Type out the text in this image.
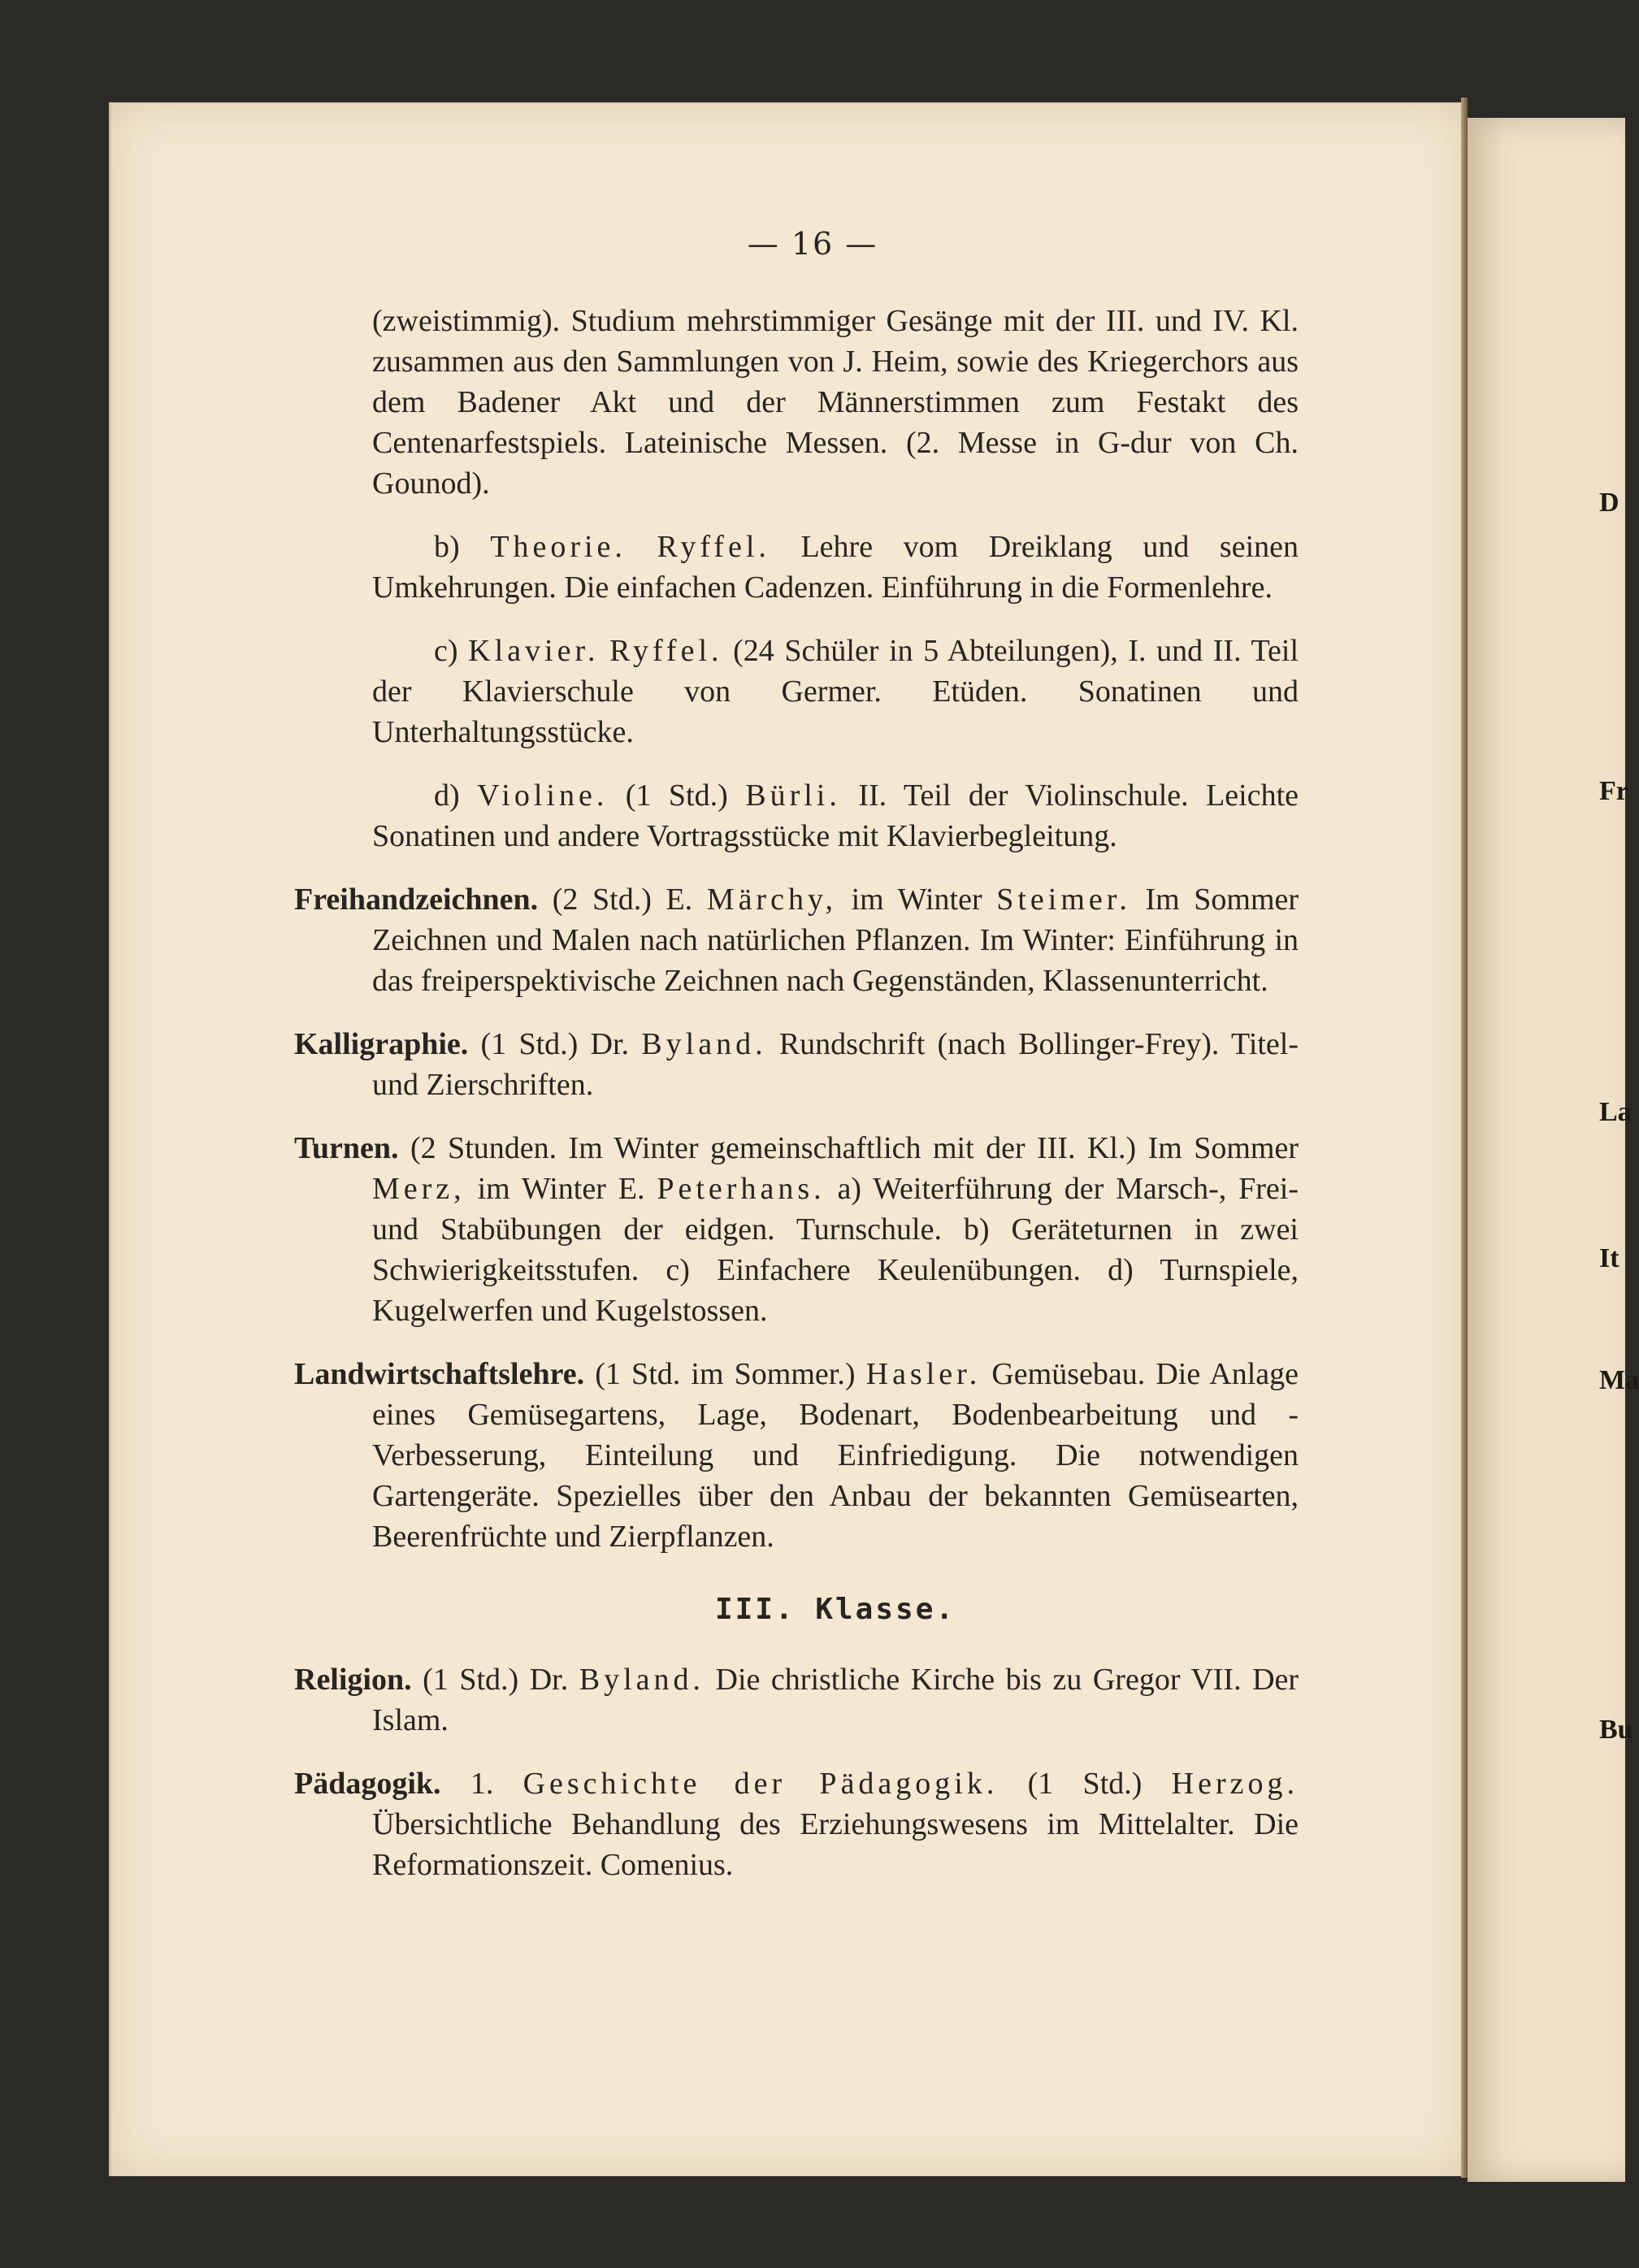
D
Fr
La
It
Ma
Bu
— 16 —

(zweistimmig). Studium mehrstimmiger Gesänge mit der III. und IV. Kl. zusammen aus den Sammlungen von J. Heim, sowie des Kriegerchors aus dem Badener Akt und der Männerstimmen zum Festakt des Centenarfestspiels. Lateinische Messen. (2. Messe in G-dur von Ch. Gounod).

b) Theorie. Ryffel. Lehre vom Dreiklang und seinen Umkehrungen. Die einfachen Cadenzen. Einführung in die Formenlehre.

c) Klavier. Ryffel. (24 Schüler in 5 Abteilungen), I. und II. Teil der Klavierschule von Germer. Etüden. Sonatinen und Unterhaltungsstücke.

d) Violine. (1 Std.) Bürli. II. Teil der Violinschule. Leichte Sonatinen und andere Vortragsstücke mit Klavierbegleitung.

Freihandzeichnen. (2 Std.) E. Märchy, im Winter Steimer. Im Sommer Zeichnen und Malen nach natürlichen Pflanzen. Im Winter: Einführung in das freiperspektivische Zeichnen nach Gegenständen, Klassenunterricht.

Kalligraphie. (1 Std.) Dr. Byland. Rundschrift (nach Bollinger-Frey). Titel- und Zierschriften.

Turnen. (2 Stunden. Im Winter gemeinschaftlich mit der III. Kl.) Im Sommer Merz, im Winter E. Peterhans. a) Weiterführung der Marsch-, Frei- und Stabübungen der eidgen. Turnschule. b) Geräteturnen in zwei Schwierigkeitsstufen. c) Einfachere Keulenübungen. d) Turnspiele, Kugelwerfen und Kugelstossen.

Landwirtschaftslehre. (1 Std. im Sommer.) Hasler. Gemüsebau. Die Anlage eines Gemüsegartens, Lage, Bodenart, Bodenbearbeitung und -Verbesserung, Einteilung und Einfriedigung. Die notwendigen Gartengeräte. Spezielles über den Anbau der bekannten Gemüsearten, Beerenfrüchte und Zierpflanzen.

III. Klasse.

Religion. (1 Std.) Dr. Byland. Die christliche Kirche bis zu Gregor VII. Der Islam.

Pädagogik. 1. Geschichte der Pädagogik. (1 Std.) Herzog. Übersichtliche Behandlung des Erziehungswesens im Mittelalter. Die Reformationszeit. Comenius.
